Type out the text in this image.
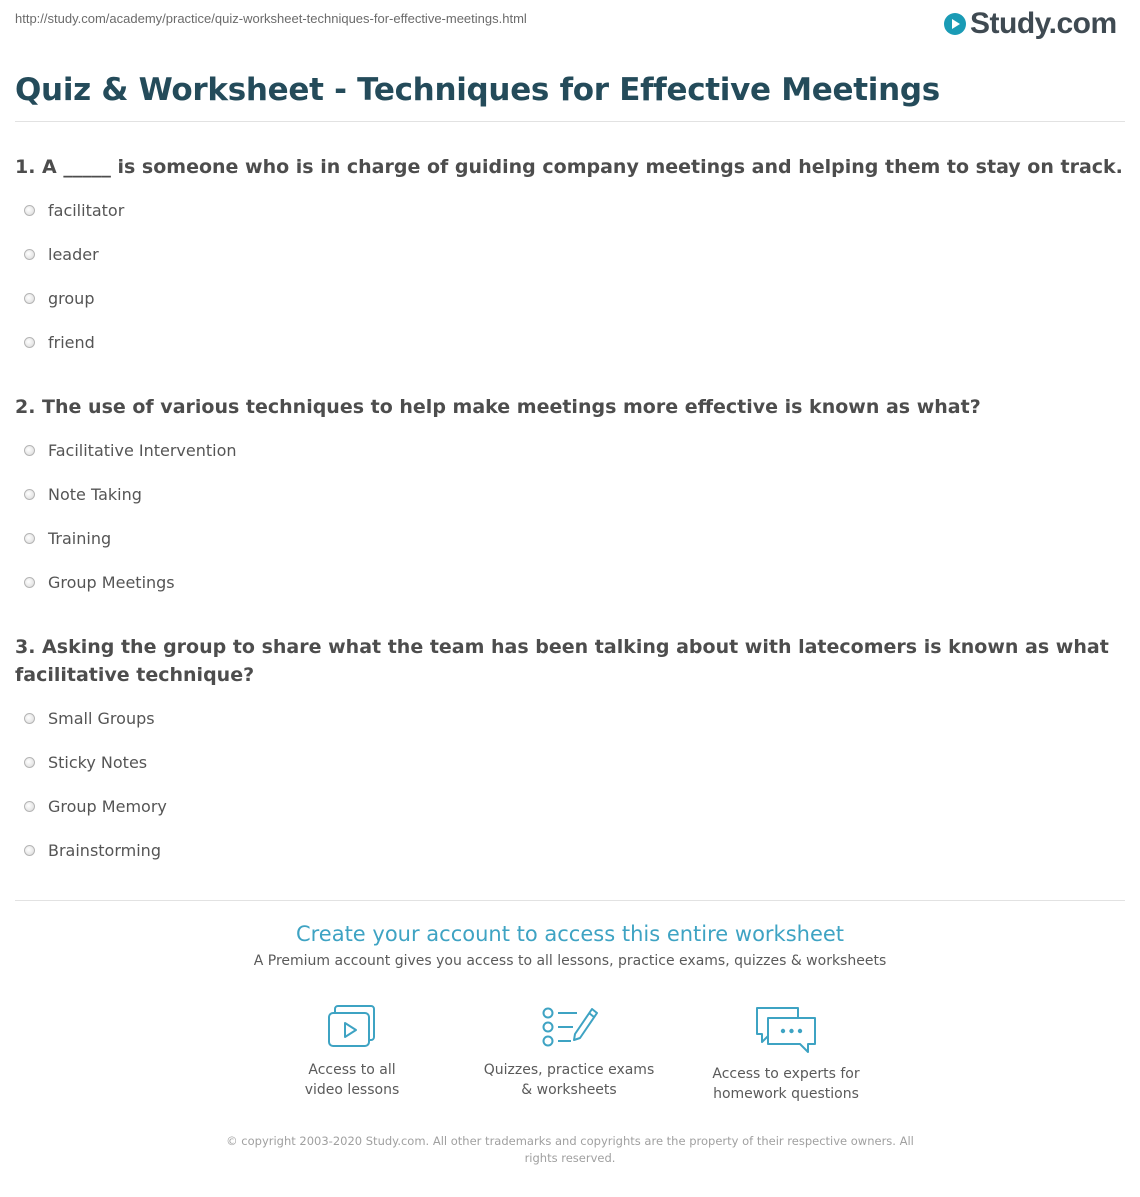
http://study.com/academy/practice/quiz-worksheet-techniques-for-effective-meetings.html	Study.com
Quiz & Worksheet - Techniques for Effective Meetings
1. A _____ is someone who is in charge of guiding company meetings and helping them to stay on track.
facilitator
leader
group
friend
2. The use of various techniques to help make meetings more effective is known as what?
Facilitative Intervention
Note Taking
Training
Group Meetings
3. Asking the group to share what the team has been talking about with latecomers is known as what facilitative technique?
Small Groups
Sticky Notes
Group Memory
Brainstorming
Create your account to access this entire worksheet
A Premium account gives you access to all lessons, practice exams, quizzes & worksheets
Access to all
video lessons
Quizzes, practice exams
& worksheets
Access to experts for
homework questions
© copyright 2003-2020 Study.com. All other trademarks and copyrights are the property of their respective owners. All rights reserved.
